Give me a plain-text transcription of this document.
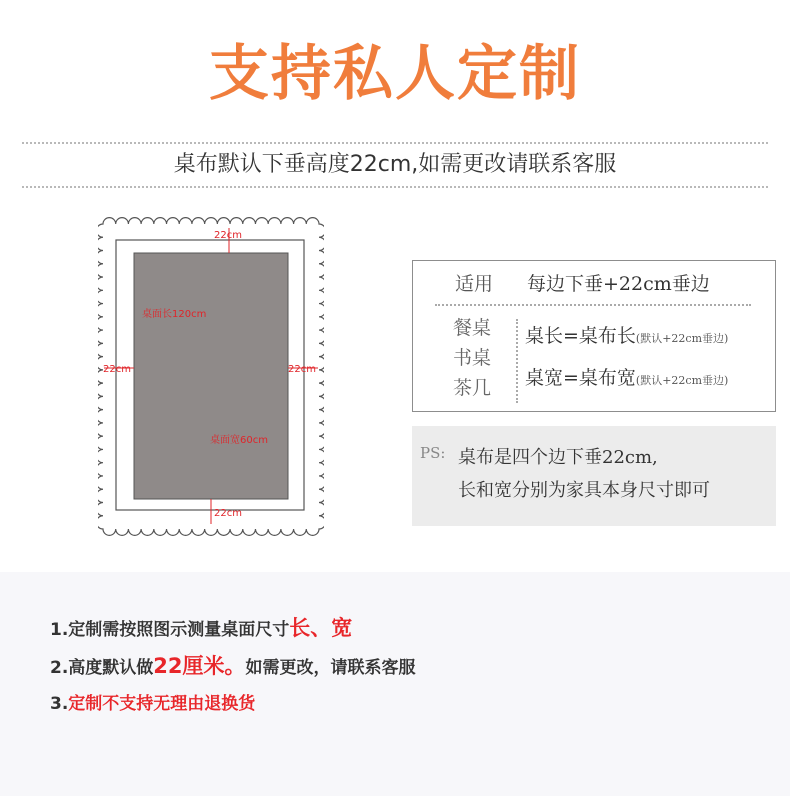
支持私人定制
桌布默认下垂高度22cm,如需更改请联系客服
22cm
22cm
22cm	22cm
桌面长120cm
桌面宽60cm
适用 每边下垂+22cm垂边
餐桌
书桌
茶几
桌长=桌布长(默认+22cm垂边)
桌宽=桌布宽(默认+22cm垂边)
PS: 桌布是四个边下垂22cm,
长和宽分别为家具本身尺寸即可
1.定制需按照图示测量桌面尺寸长、宽
2.高度默认做22厘米。如需更改，请联系客服
3.定制不支持无理由退换货
